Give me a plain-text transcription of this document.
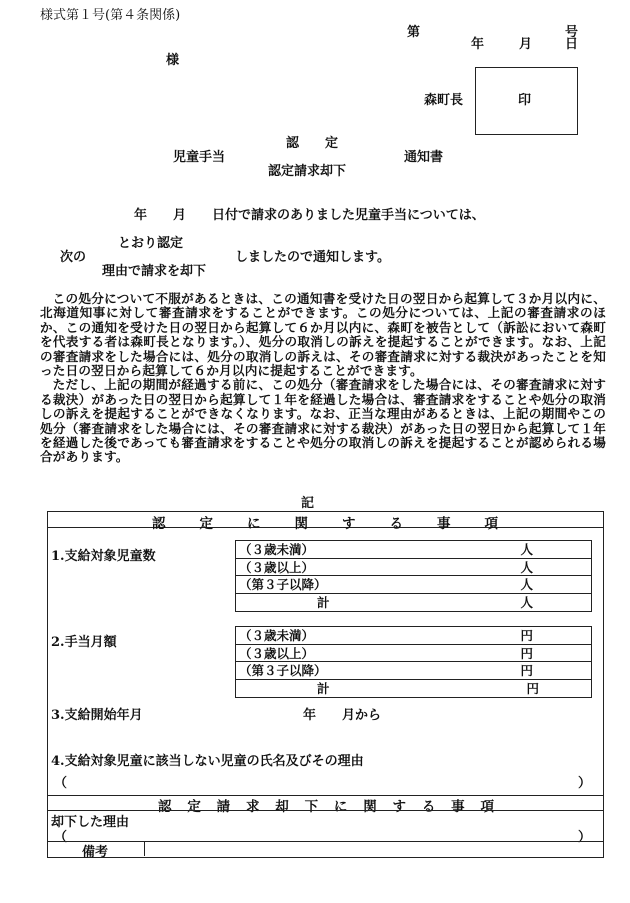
様式第１号(第４条関係)
第	号
年	月	日
様
森町長	印
認　　定
児童手当	通知書
認定請求却下
年　　月　　日付で請求のありました児童手当については、
とおり認定
次の	しましたので通知します。
理由で請求を却下

この処分について不服があるときは、この通知書を受けた日の翌日から起算して３か月以内に、北海道知事に対して審査請求をすることができます。この処分については、上記の審査請求のほか、この通知を受けた日の翌日から起算して６か月以内に、森町を被告として（訴訟において森町を代表する者は森町長となります。）、処分の取消しの訴えを提起することができます。なお、上記の審査請求をした場合には、処分の取消しの訴えは、その審査請求に対する裁決があったことを知った日の翌日から起算して６か月以内に提起することができます。

ただし、上記の期間が経過する前に、この処分（審査請求をした場合には、その審査請求に対する裁決）があった日の翌日から起算して１年を経過した場合は、審査請求をすることや処分の取消しの訴えを提起することができなくなります。なお、正当な理由があるときは、上記の期間やこの処分（審査請求をした場合には、その審査請求に対する裁決）があった日の翌日から起算して１年を経過した後であっても審査請求をすることや処分の取消しの訴えを提起することが認められる場合があります。

記
認	定	に	関	す	る	事	項
1.支給対象児童数	（３歳未満）	人
（３歳以上）	人
（第３子以降）	人
計	人
2.手当月額	（３歳未満）	円
（３歳以上）	円
（第３子以降）	円
計	円
3.支給開始年月	年　　月から
4.支給対象児童に該当しない児童の氏名及びその理由
（	）
認 定 請 求 却 下 に 関 す る 事 項
却下した理由
（	）
備考
